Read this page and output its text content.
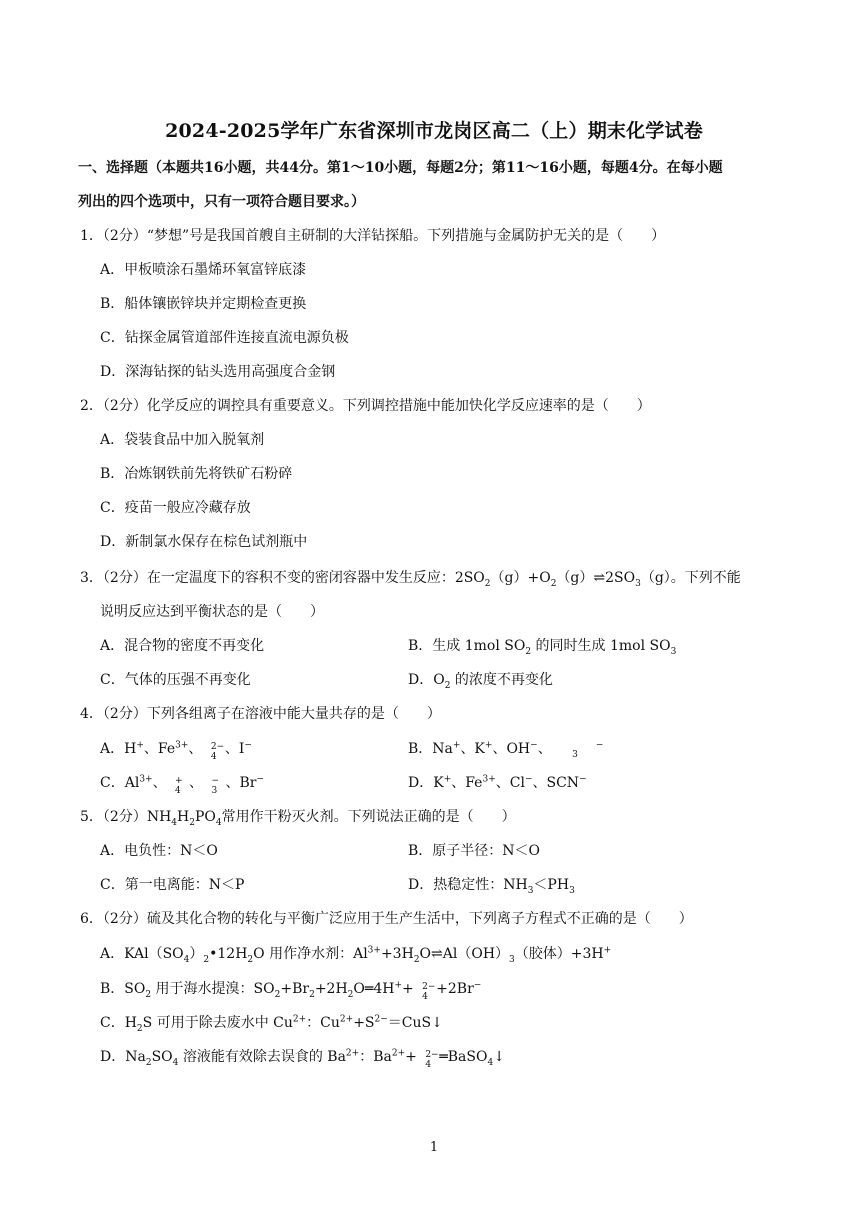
2024-2025学年广东省深圳市龙岗区高二（上）期末化学试卷
一、选择题（本题共16小题，共44分。第1～10小题，每题2分；第11～16小题，每题4分。在每小题
列出的四个选项中，只有一项符合题目要求。）
1．（2分）“梦想”号是我国首艘自主研制的大洋钻探船。下列措施与金属防护无关的是（　　）
A．甲板喷涂石墨烯环氧富锌底漆
B．船体镶嵌锌块并定期检查更换
C．钻探金属管道部件连接直流电源负极
D．深海钻探的钻头选用高强度合金钢
2．（2分）化学反应的调控具有重要意义。下列调控措施中能加快化学反应速率的是（　　）
A．袋装食品中加入脱氧剂
B．冶炼钢铁前先将铁矿石粉碎
C．疫苗一般应冷藏存放
D．新制氯水保存在棕色试剂瓶中
3．（2分）在一定温度下的容积不变的密闭容器中发生反应：$2SO_2(g)+O_2(g)\rightleftharpoons 2SO_3(g)$。下列不能
说明反应达到平衡状态的是（　　）
A．混合物的密度不再变化	B．生成 1mol $SO_2$ 的同时生成 1mol $SO_3$
C．气体的压强不再变化	D．$O_2$ 的浓度不再变化
4．（2分）下列各组离子在溶液中能大量共存的是（　　）
A．H+、$Fe^{3+}$、 2−
4 、I−	B．Na+、K+、OH−、 $_3$−
C．$Al^{3+}$、 +
4 、 −
3 、Br−	D．K+、$Fe^{3+}$、Cl−、SCN−
5．（2分）$NH_4H_2PO_4$常用作干粉灭火剂。下列说法正确的是（　　）
A．电负性：N＜O	B．原子半径：N＜O
C．第一电离能：N＜P	D．热稳定性：$NH_3<PH_3$
6．（2分）硫及其化合物的转化与平衡广泛应用于生产生活中，下列离子方程式不正确的是（　　）
A．$KAl(SO_4)_2•12H_2O$ 用作净水剂：$Al^{3+}+3H_2O\rightleftharpoons Al(OH)_3$（胶体）+3H+
B．$SO_2$ 用于海水提溴：$SO_2+Br_2+2H_2O═4H^++ 2-$
4 +2Br−
C．$H_2S$ 可用于除去废水中 $Cu^{2+}$：$Cu^{2+}+S^{2-}=CuS↓$
D．$Na_2SO_4$ 溶液能有效除去误食的 $Ba^{2+}$：$Ba^{2+}+ 2-$
4 ═BaSO$_4$↓
1
